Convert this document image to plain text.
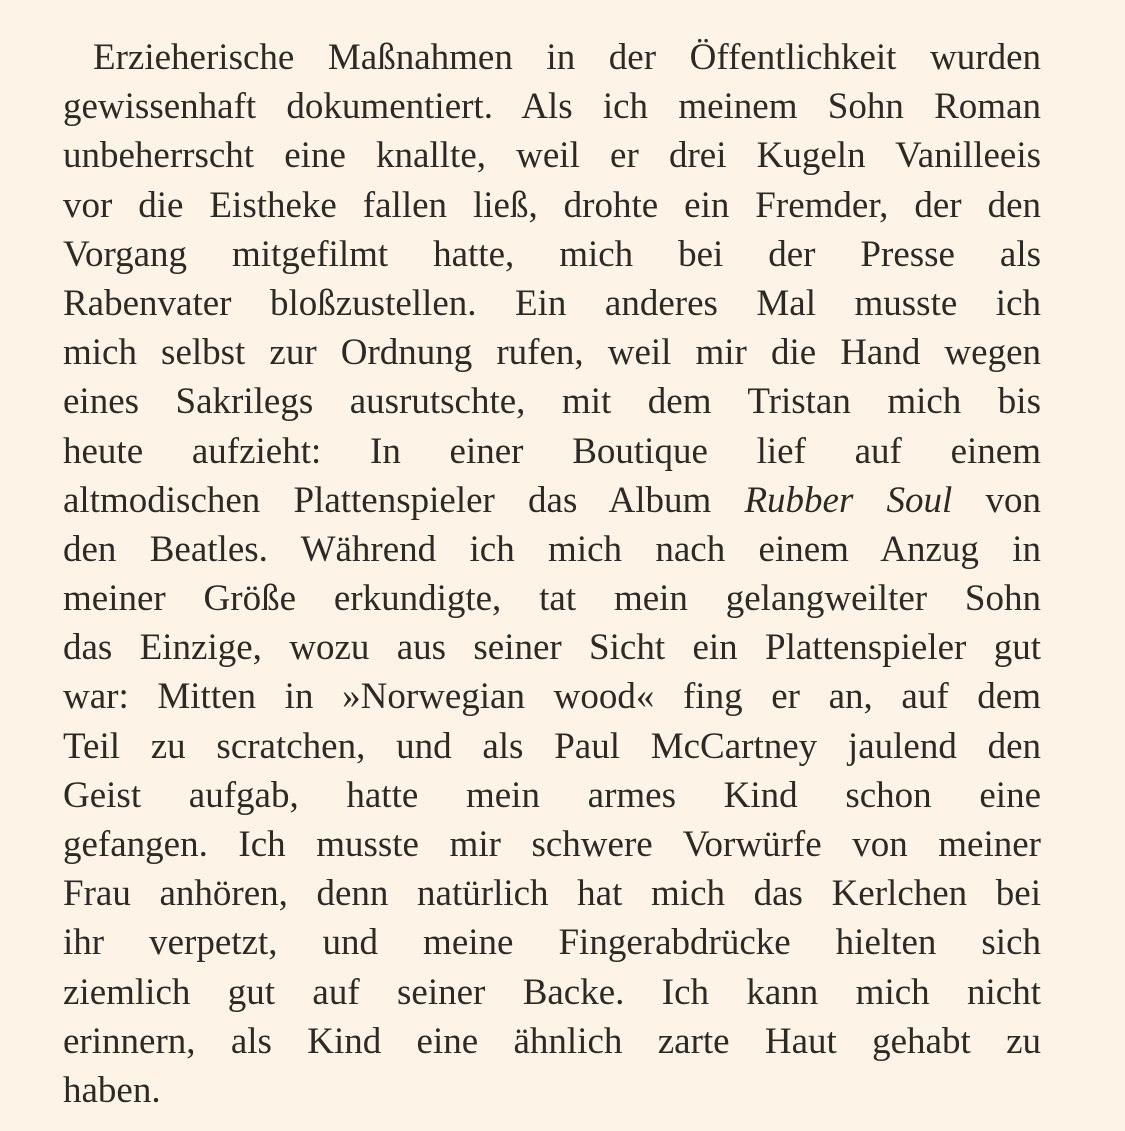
Erzieherische Maßnahmen in der Öffentlichkeit wurden
gewissenhaft dokumentiert. Als ich meinem Sohn Roman
unbeherrscht eine knallte, weil er drei Kugeln Vanilleeis
vor die Eistheke fallen ließ, drohte ein Fremder, der den
Vorgang mitgefilmt hatte, mich bei der Presse als
Rabenvater bloßzustellen. Ein anderes Mal musste ich
mich selbst zur Ordnung rufen, weil mir die Hand wegen
eines Sakrilegs ausrutschte, mit dem Tristan mich bis
heute aufzieht: In einer Boutique lief auf einem
altmodischen Plattenspieler das Album Rubber Soul von
den Beatles. Während ich mich nach einem Anzug in
meiner Größe erkundigte, tat mein gelangweilter Sohn
das Einzige, wozu aus seiner Sicht ein Plattenspieler gut
war: Mitten in »Norwegian wood« fing er an, auf dem
Teil zu scratchen, und als Paul McCartney jaulend den
Geist aufgab, hatte mein armes Kind schon eine
gefangen. Ich musste mir schwere Vorwürfe von meiner
Frau anhören, denn natürlich hat mich das Kerlchen bei
ihr verpetzt, und meine Fingerabdrücke hielten sich
ziemlich gut auf seiner Backe. Ich kann mich nicht
erinnern, als Kind eine ähnlich zarte Haut gehabt zu
haben.
